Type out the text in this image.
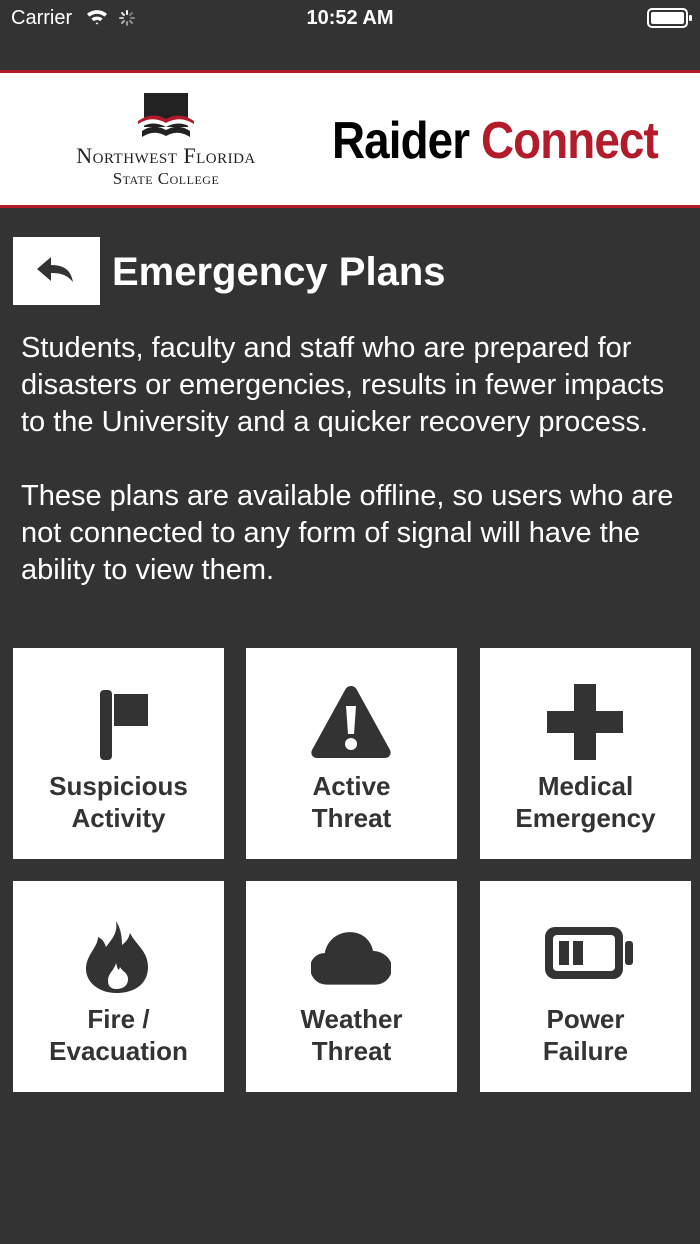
Carrier	10:52 AM
Northwest Florida
State College
Raider Connect
Emergency Plans

Students, faculty and staff who are prepared for disasters or emergencies, results in fewer impacts to the University and a quicker recovery process.

These plans are available offline, so users who are not connected to any form of signal will have the ability to view them.

Suspicious
Activity
Active
Threat
Medical
Emergency
Fire /
Evacuation
Weather
Threat
Power
Failure
